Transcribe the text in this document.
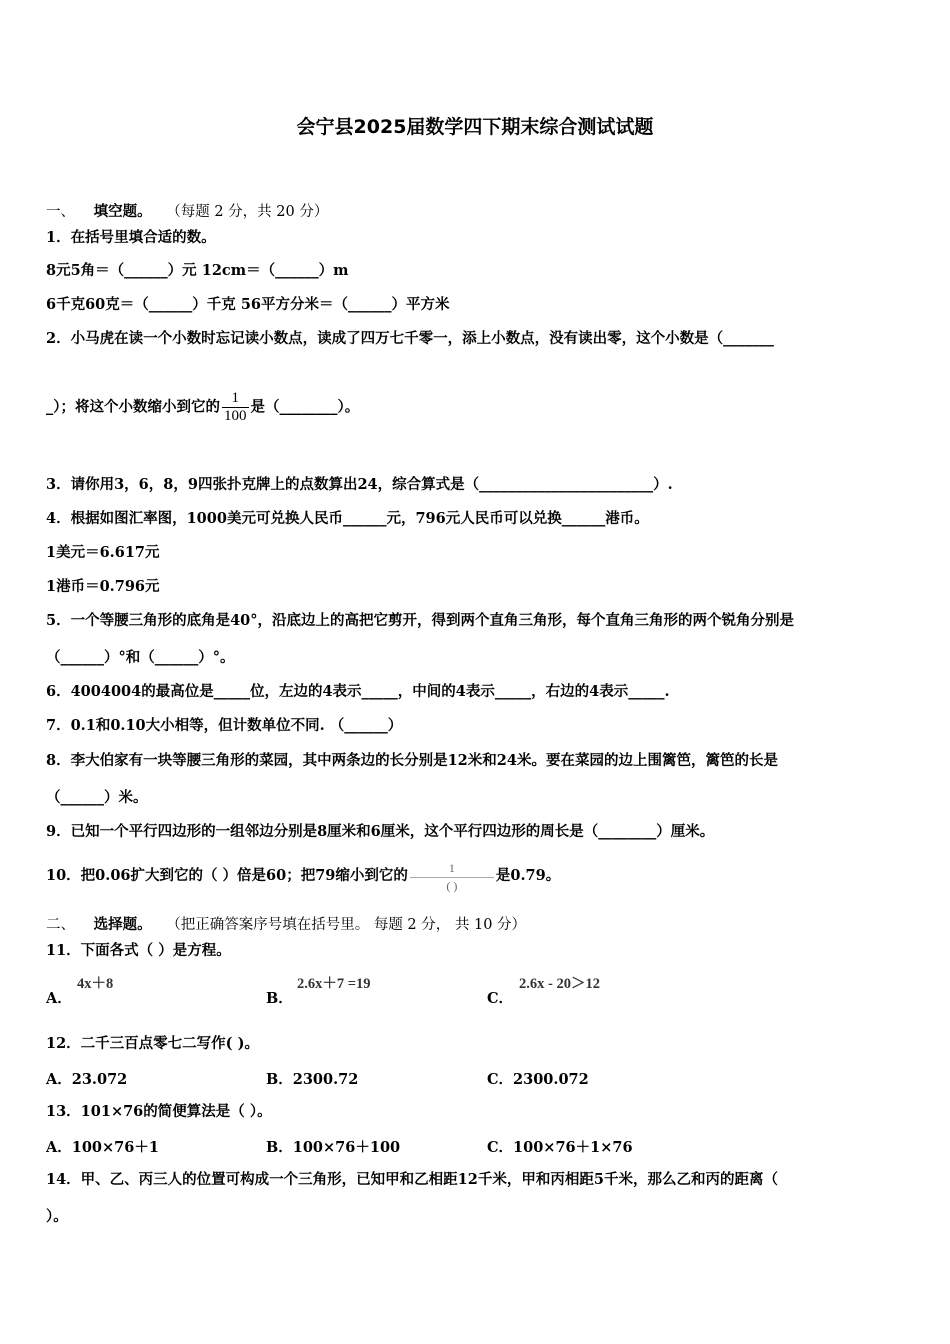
会宁县2025届数学四下期末综合测试试题
一、 填空题。 （每题 2 分，共 20 分）
1．在括号里填合适的数。
8元5角＝（______）元 12cm＝（______）m
6千克60克＝（______）千克 56平方分米＝（______）平方米
2．小马虎在读一个小数时忘记读小数点，读成了四万七千零一，添上小数点，没有读出零，这个小数是（_______
_）；将这个小数缩小到它的 $\frac{1}{100}$ 是（________）。
3．请你用3，6，8，9四张扑克牌上的点数算出24，综合算式是（________________________）.
4．根据如图汇率图，1000美元可兑换人民币______元，796元人民币可以兑换______港币。
1美元＝6.617元
1港币＝0.796元
5．一个等腰三角形的底角是40°，沿底边上的高把它剪开，得到两个直角三角形，每个直角三角形的两个锐角分别是
（______）°和（______）°。
6．4004004的最高位是_____位，左边的4表示_____，中间的4表示_____，右边的4表示_____.
7．0.1和0.10大小相等，但计数单位不同. （______）
8．李大伯家有一块等腰三角形的菜园，其中两条边的长分别是12米和24米。要在菜园的边上围篱笆，篱笆的长是
（______）米。
9．已知一个平行四边形的一组邻边分别是8厘米和6厘米，这个平行四边形的周长是（________）厘米。
10．把0.06扩大到它的（ ）倍是60；把79缩小到它的 $\frac{1}{( )}$ 是0.79。
二、 选择题。 （把正确答案序号填在括号里。 每题 2 分， 共 10 分）
11．下面各式（ ）是方程。
A．
4x＋8
B．
2.6x＋7 =19
C．
2.6x - 20＞12
12．二千三百点零七二写作( )。
A．23.072	B．2300.72	C．2300.072
13．101×76的简便算法是（ ）。
A．100×76＋1	B．100×76＋100	C．100×76＋1×76
14．甲、乙、丙三人的位置可构成一个三角形，已知甲和乙相距12千米，甲和丙相距5千米，那么乙和丙的距离（
）。
